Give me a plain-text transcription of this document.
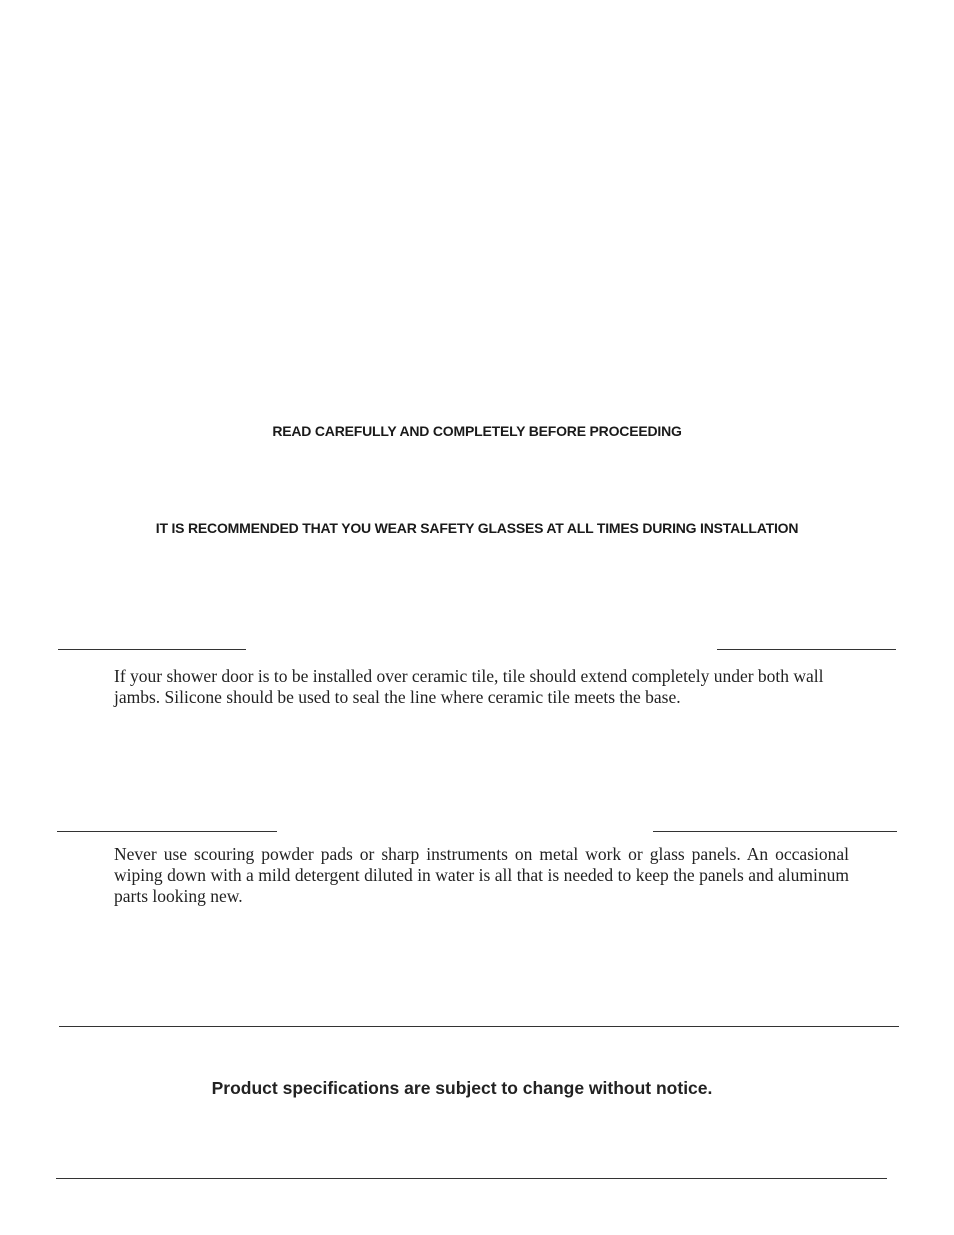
READ CAREFULLY AND COMPLETELY BEFORE PROCEEDING
IT IS RECOMMENDED THAT YOU WEAR SAFETY GLASSES AT ALL TIMES DURING INSTALLATION

If your shower door is to be installed over ceramic tile, tile should extend completely under both wall jambs. Silicone should be used to seal the line where ceramic tile meets the base.

Never use scouring powder pads or sharp instruments on metal work or glass panels. An occasional wiping down with a mild detergent diluted in water is all that is needed to keep the panels and aluminum parts looking new.

Product specifications are subject to change without notice.
